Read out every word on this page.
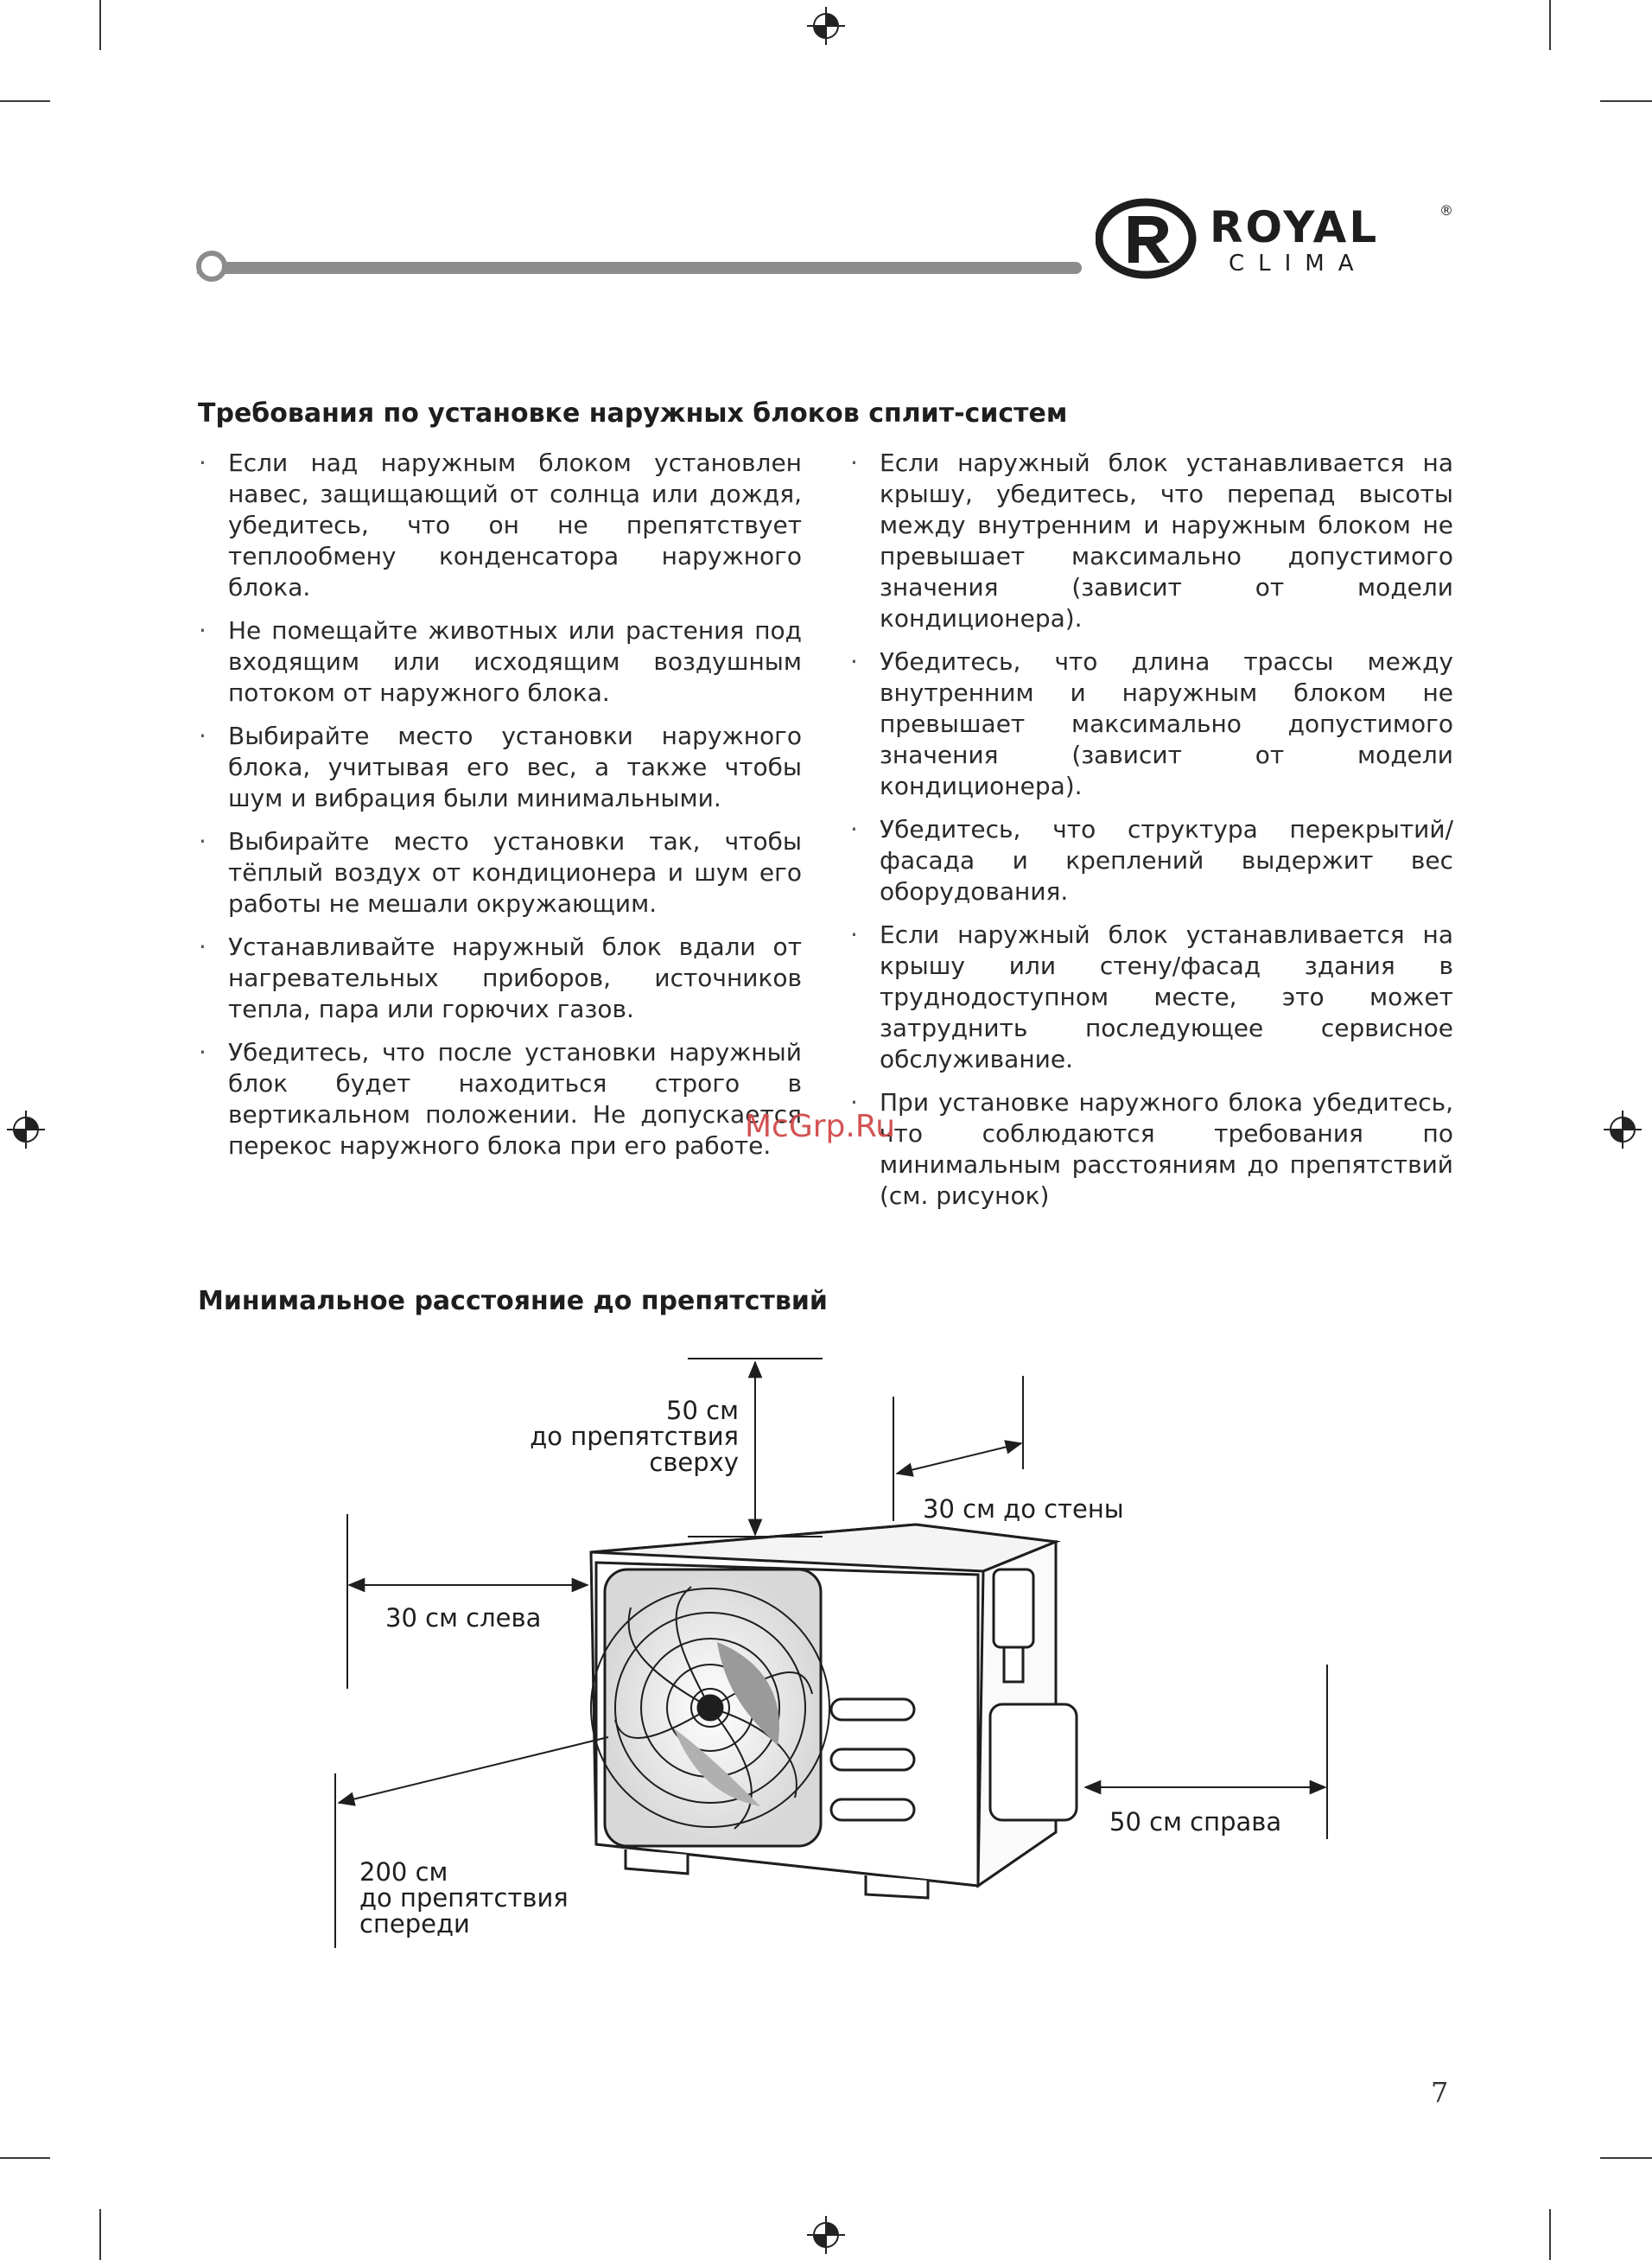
ROYAL	®
CLIMA
Требования по установке наружных блоков сплит-систем
· Если над наружным блоком установлен навес, защищающий от солнца или дождя, убедитесь, что он не препятствует теплообмену конденсатора наружного блока.
· Не помещайте животных или растения под входящим или исходящим воздушным потоком от наружного блока.
· Выбирайте место установки наружного блока, учитывая его вес, а также чтобы шум и вибрация были минимальными.
· Выбирайте место установки так, чтобы тёплый воздух от кондиционера и шум его работы не мешали окружающим.
· Устанавливайте наружный блок вдали от нагревательных приборов, источников тепла, пара или горючих газов.
· Убедитесь, что после установки наружный блок будет находиться строго в вертикальном положении. Не допускается перекос наружного блока при его работе.
· Если наружный блок устанавливается на крышу, убедитесь, что перепад высоты между внутренним и наружным блоком не превышает максимально допустимого значения (зависит от модели кондиционера).
· Убедитесь, что длина трассы между внутренним и наружным блоком не превышает максимально допустимого значения (зависит от модели кондиционера).
· Убедитесь, что структура перекрытий/фасада и креплений выдержит вес оборудования.
· Если наружный блок устанавливается на крышу или стену/фасад здания в труднодоступном месте, это может затруднить последующее сервисное обслуживание.
· При установке наружного блока убедитесь, что соблюдаются требования по минимальным расстояниям до препятствий (см. рисунок)
McGrp.Ru
Минимальное расстояние до препятствий
50 см
до препятствия
сверху
30 см до стены
30 см слева
50 см справа
200 см
до препятствия
спереди
7
